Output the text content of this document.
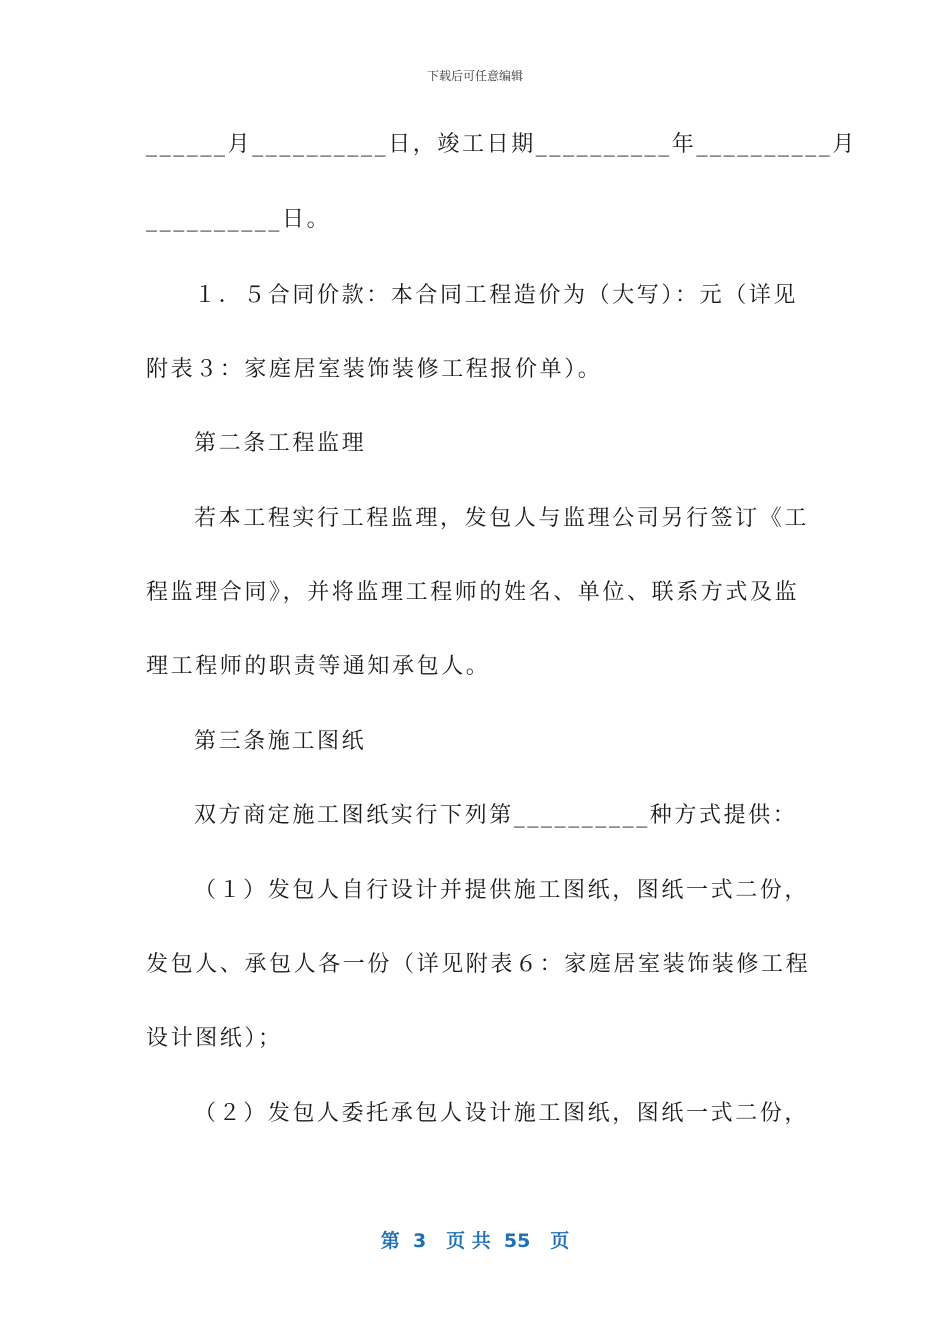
下载后可任意编辑
______月__________日，竣工日期__________年__________月
__________日。
１．５合同价款：本合同工程造价为（大写）：元（详见
附表３：家庭居室装饰装修工程报价单）。
第二条工程监理
若本工程实行工程监理，发包人与监理公司另行签订《工
程监理合同》，并将监理工程师的姓名、单位、联系方式及监
理工程师的职责等通知承包人。
第三条施工图纸
双方商定施工图纸实行下列第__________种方式提供：
（１）发包人自行设计并提供施工图纸，图纸一式二份，
发包人、承包人各一份（详见附表６：家庭居室装饰装修工程
设计图纸）；
（２）发包人委托承包人设计施工图纸，图纸一式二份，
第  3   页 共  55   页
